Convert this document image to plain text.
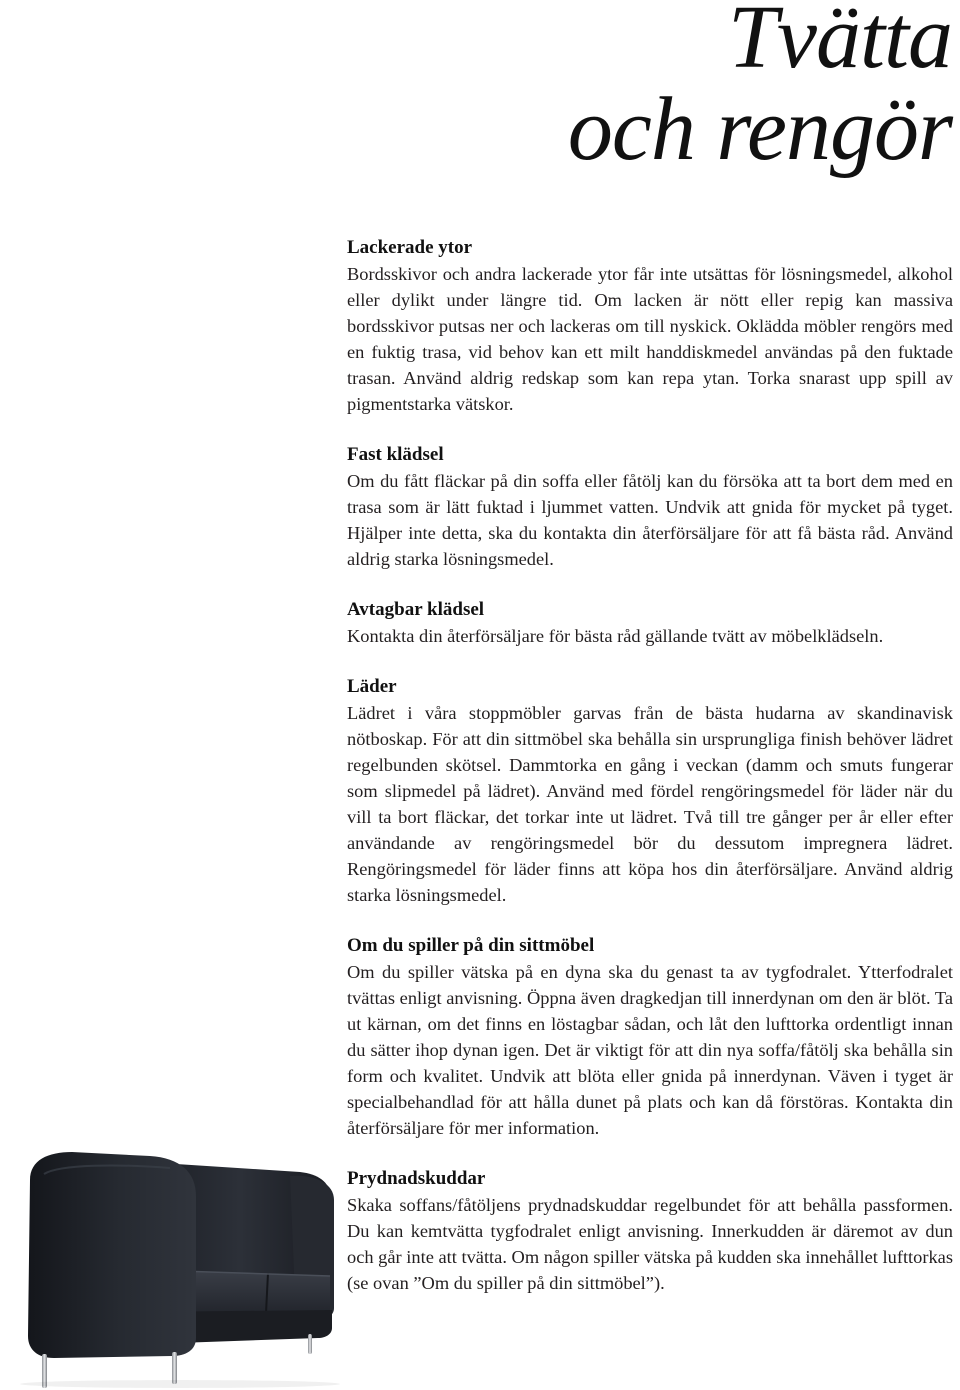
Tvätta
och rengör
Lackerade ytor

Bordsskivor och andra lackerade ytor får inte utsättas för lösningsmedel, alkohol eller dylikt under längre tid. Om lacken är nött eller repig kan massiva bordsskivor putsas ner och lackeras om till nyskick. Oklädda möbler rengörs med en fuktig trasa, vid behov kan ett milt handdiskmedel användas på den fuktade trasan. Använd aldrig redskap som kan repa ytan. Torka snarast upp spill av pigmentstarka vätskor.

Fast klädsel

Om du fått fläckar på din soffa eller fåtölj kan du försöka att ta bort dem med en trasa som är lätt fuktad i ljummet vatten. Undvik att gnida för mycket på tyget. Hjälper inte detta, ska du kontakta din återförsäljare för att få bästa råd. Använd aldrig starka lösningsmedel.

Avtagbar klädsel

Kontakta din återförsäljare för bästa råd gällande tvätt av möbelklädseln.

Läder

Lädret i våra stoppmöbler garvas från de bästa hudarna av skandinavisk nötboskap. För att din sittmöbel ska behålla sin ursprungliga finish behöver lädret regelbunden skötsel. Dammtorka en gång i veckan (damm och smuts fungerar som slipmedel på lädret). Använd med fördel rengöringsmedel för läder när du vill ta bort fläckar, det torkar inte ut lädret. Två till tre gånger per år eller efter användande av rengöringsmedel bör du dessutom impregnera lädret. Rengöringsmedel för läder finns att köpa hos din återförsäljare. Använd aldrig starka lösningsmedel.

Om du spiller på din sittmöbel

Om du spiller vätska på en dyna ska du genast ta av tygfodralet. Ytterfodralet tvättas enligt anvisning. Öppna även dragkedjan till innerdynan om den är blöt. Ta ut kärnan, om det finns en löstagbar sådan, och låt den lufttorka ordentligt innan du sätter ihop dynan igen. Det är viktigt för att din nya soffa/fåtölj ska behålla sin form och kvalitet. Undvik att blöta eller gnida på innerdynan. Väven i tyget är specialbehandlad för att hålla dunet på plats och kan då förstöras. Kontakta din återförsäljare för mer information.

Prydnadskuddar

Skaka soffans/fåtöljens prydnadskuddar regelbundet för att behålla passformen. Du kan kemtvätta tygfodralet enligt anvisning. Innerkudden är däremot av dun och går inte att tvätta. Om någon spiller vätska på kudden ska innehållet lufttorkas (se ovan ”Om du spiller på din sittmöbel”).
